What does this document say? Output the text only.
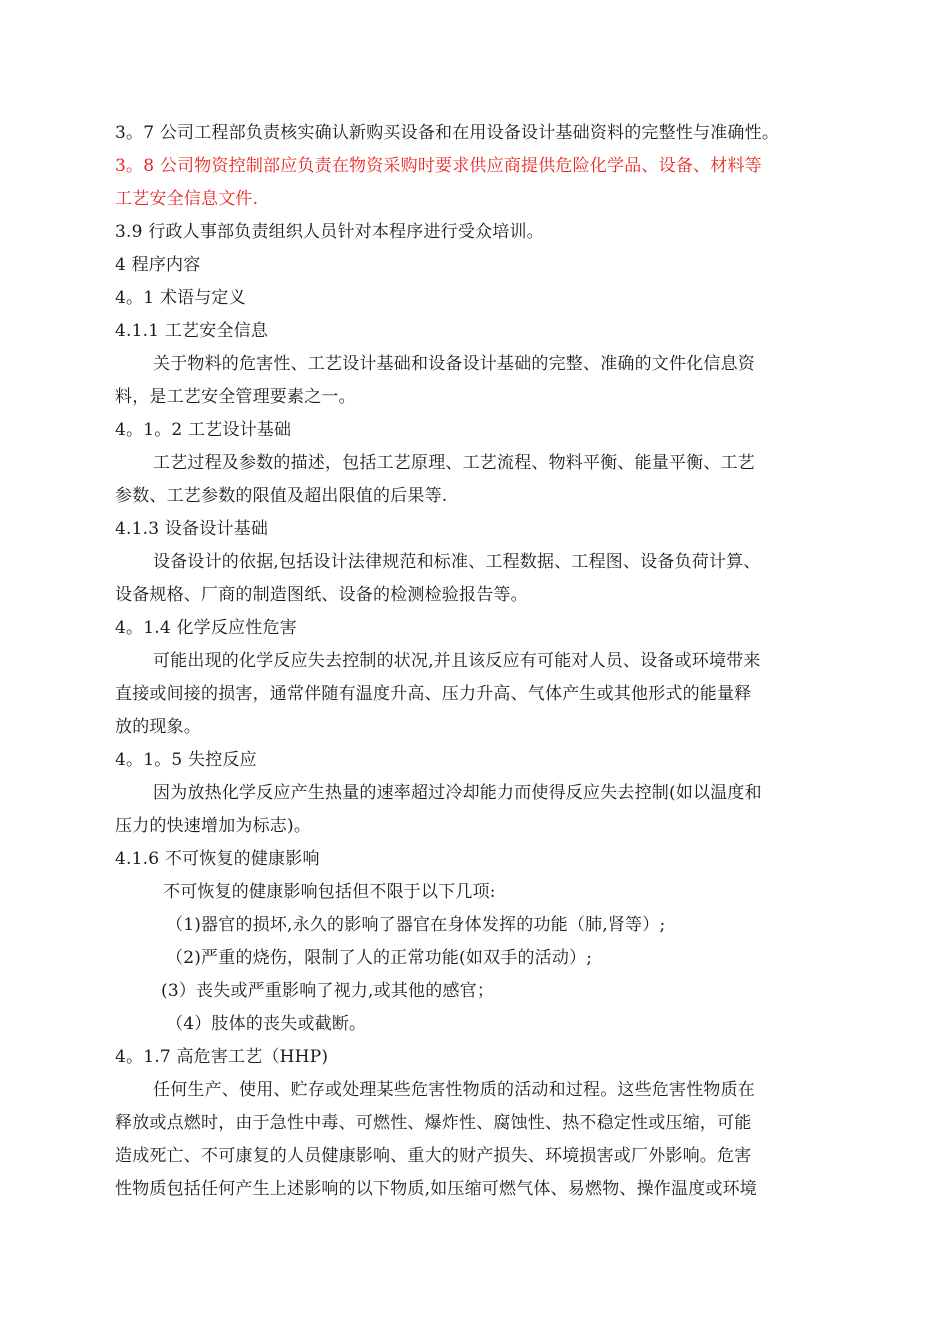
3。7 公司工程部负责核实确认新购买设备和在用设备设计基础资料的完整性与准确性。
3。8 公司物资控制部应负责在物资采购时要求供应商提供危险化学品、设备、材料等
工艺安全信息文件.
3.9 行政人事部负责组织人员针对本程序进行受众培训。
4 程序内容
4。1 术语与定义
4.1.1 工艺安全信息
关于物料的危害性、工艺设计基础和设备设计基础的完整、准确的文件化信息资
料，是工艺安全管理要素之一。
4。1。2 工艺设计基础
工艺过程及参数的描述，包括工艺原理、工艺流程、物料平衡、能量平衡、工艺
参数、工艺参数的限值及超出限值的后果等.
4.1.3 设备设计基础
设备设计的依据,包括设计法律规范和标准、工程数据、工程图、设备负荷计算、
设备规格、厂商的制造图纸、设备的检测检验报告等。
4。1.4 化学反应性危害
可能出现的化学反应失去控制的状况,并且该反应有可能对人员、设备或环境带来
直接或间接的损害，通常伴随有温度升高、压力升高、气体产生或其他形式的能量释
放的现象。
4。1。5 失控反应
因为放热化学反应产生热量的速率超过冷却能力而使得反应失去控制(如以温度和
压力的快速增加为标志)。
4.1.6 不可恢复的健康影响
不可恢复的健康影响包括但不限于以下几项:
（1)器官的损坏,永久的影响了器官在身体发挥的功能（肺,肾等）;
（2)严重的烧伤，限制了人的正常功能(如双手的活动）;
(3）丧失或严重影响了视力,或其他的感官；
（4）肢体的丧失或截断。
4。1.7 高危害工艺（HHP)
任何生产、使用、贮存或处理某些危害性物质的活动和过程。这些危害性物质在
释放或点燃时，由于急性中毒、可燃性、爆炸性、腐蚀性、热不稳定性或压缩，可能
造成死亡、不可康复的人员健康影响、重大的财产损失、环境损害或厂外影响。危害
性物质包括任何产生上述影响的以下物质,如压缩可燃气体、易燃物、操作温度或环境
